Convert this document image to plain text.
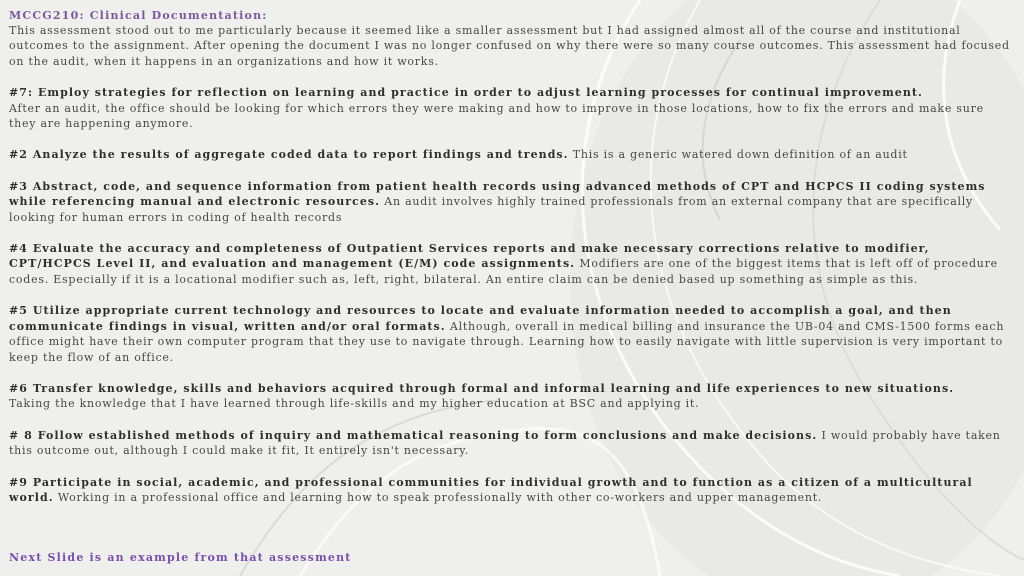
MCCG210: Clinical Documentation:

This assessment stood out to me particularly because it seemed like a smaller assessment but I had assigned almost all of the course and institutional outcomes to the assignment. After opening the document I was no longer confused on why there were so many course outcomes. This assessment had focused on the audit, when it happens in an organizations and how it works.

#7: Employ strategies for reflection on learning and practice in order to adjust learning processes for continual improvement.
After an audit, the office should be looking for which errors they were making and how to improve in those locations, how to fix the errors and make sure they are happening anymore.

#2 Analyze the results of aggregate coded data to report findings and trends. This is a generic watered down definition of an audit

#3 Abstract, code, and sequence information from patient health records using advanced methods of CPT and HCPCS II coding systems while referencing manual and electronic resources. An audit involves highly trained professionals from an external company that are specifically looking for human errors in coding of health records

#4 Evaluate the accuracy and completeness of Outpatient Services reports and make necessary corrections relative to modifier, CPT/HCPCS Level II, and evaluation and management (E/M) code assignments. Modifiers are one of the biggest items that is left off of procedure codes. Especially if it is a locational modifier such as, left, right, bilateral. An entire claim can be denied based up something as simple as this.

#5 Utilize appropriate current technology and resources to locate and evaluate information needed to accomplish a goal, and then communicate findings in visual, written and/or oral formats. Although, overall in medical billing and insurance the UB-04 and CMS-1500 forms each office might have their own computer program that they use to navigate through. Learning how to easily navigate with little supervision is very important to keep the flow of an office.

#6 Transfer knowledge, skills and behaviors acquired through formal and informal learning and life experiences to new situations.
Taking the knowledge that I have learned through life-skills and my higher education at BSC and applying it.

# 8 Follow established methods of inquiry and mathematical reasoning to form conclusions and make decisions. I would probably have taken this outcome out, although I could make it fit, It entirely isn't necessary.

#9 Participate in social, academic, and professional communities for individual growth and to function as a citizen of a multicultural world. Working in a professional office and learning how to speak professionally with other co-workers and upper management.

Next Slide is an example from that assessment
